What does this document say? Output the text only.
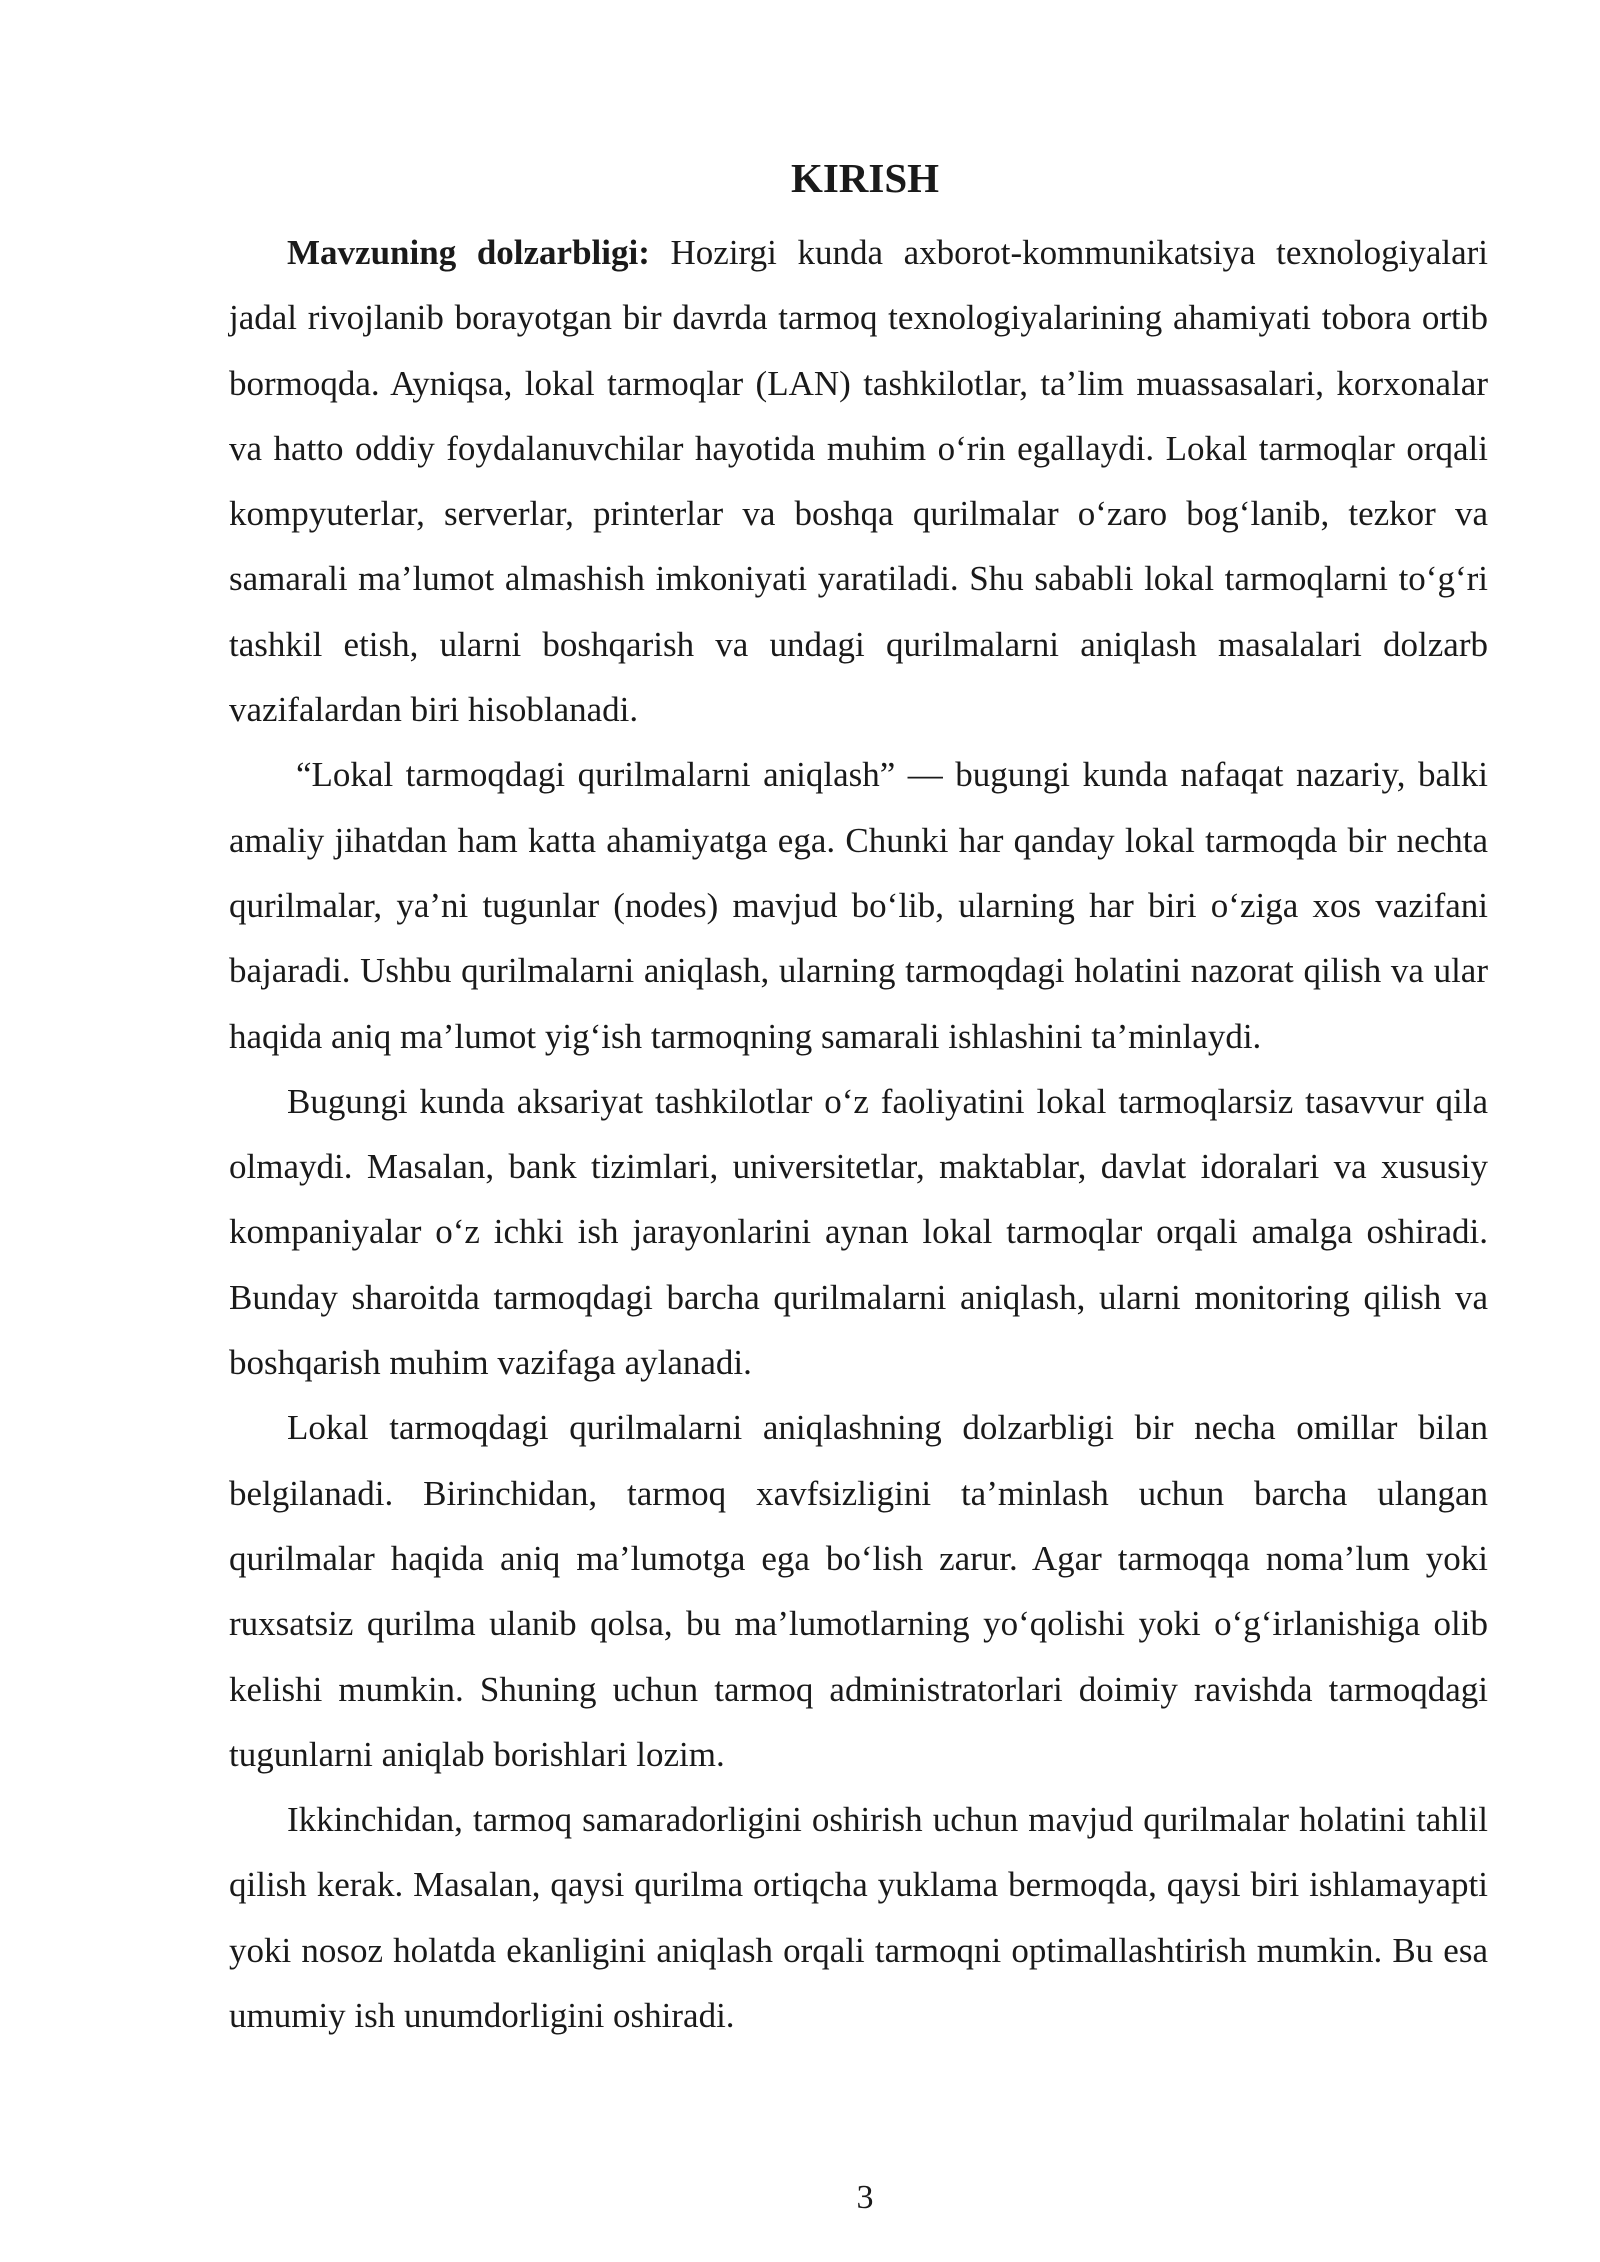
KIRISH

Mavzuning dolzarbligi: Hozirgi kunda axborot-kommunikatsiya texnologiyalari jadal rivojlanib borayotgan bir davrda tarmoq texnologiyalarining ahamiyati tobora ortib bormoqda. Ayniqsa, lokal tarmoqlar (LAN) tashkilotlar, ta’lim muassasalari, korxonalar va hatto oddiy foydalanuvchilar hayotida muhim o‘rin egallaydi. Lokal tarmoqlar orqali kompyuterlar, serverlar, printerlar va boshqa qurilmalar o‘zaro bog‘lanib, tezkor va samarali ma’lumot almashish imkoniyati yaratiladi. Shu sababli lokal tarmoqlarni to‘g‘ri tashkil etish, ularni boshqarish va undagi qurilmalarni aniqlash masalalari dolzarb vazifalardan biri hisoblanadi.

“Lokal tarmoqdagi qurilmalarni aniqlash” — bugungi kunda nafaqat nazariy, balki amaliy jihatdan ham katta ahamiyatga ega. Chunki har qanday lokal tarmoqda bir nechta qurilmalar, ya’ni tugunlar (nodes) mavjud bo‘lib, ularning har biri o‘ziga xos vazifani bajaradi. Ushbu qurilmalarni aniqlash, ularning tarmoqdagi holatini nazorat qilish va ular haqida aniq ma’lumot yig‘ish tarmoqning samarali ishlashini ta’minlaydi.

Bugungi kunda aksariyat tashkilotlar o‘z faoliyatini lokal tarmoqlarsiz tasavvur qila olmaydi. Masalan, bank tizimlari, universitetlar, maktablar, davlat idoralari va xususiy kompaniyalar o‘z ichki ish jarayonlarini aynan lokal tarmoqlar orqali amalga oshiradi. Bunday sharoitda tarmoqdagi barcha qurilmalarni aniqlash, ularni monitoring qilish va boshqarish muhim vazifaga aylanadi.

Lokal tarmoqdagi qurilmalarni aniqlashning dolzarbligi bir necha omillar bilan belgilanadi. Birinchidan, tarmoq xavfsizligini ta’minlash uchun barcha ulangan qurilmalar haqida aniq ma’lumotga ega bo‘lish zarur. Agar tarmoqqa noma’lum yoki ruxsatsiz qurilma ulanib qolsa, bu ma’lumotlarning yo‘qolishi yoki o‘g‘irlanishiga olib kelishi mumkin. Shuning uchun tarmoq administratorlari doimiy ravishda tarmoqdagi tugunlarni aniqlab borishlari lozim.

Ikkinchidan, tarmoq samaradorligini oshirish uchun mavjud qurilmalar holatini tahlil qilish kerak. Masalan, qaysi qurilma ortiqcha yuklama bermoqda, qaysi biri ishlamayapti yoki nosoz holatda ekanligini aniqlash orqali tarmoqni optimallashtirish mumkin. Bu esa umumiy ish unumdorligini oshiradi.

3
